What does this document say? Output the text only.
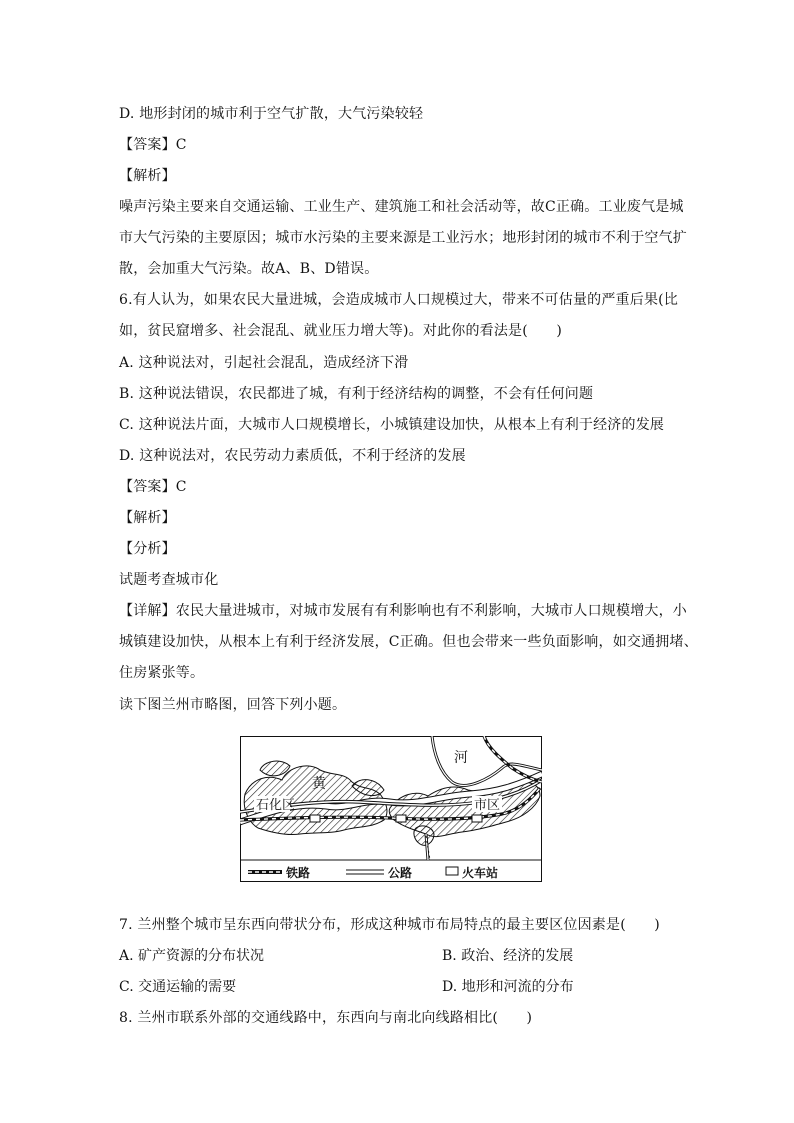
D. 地形封闭的城市利于空气扩散，大气污染较轻
【答案】C
【解析】
噪声污染主要来自交通运输、工业生产、建筑施工和社会活动等，故C正确。工业废气是城
市大气污染的主要原因；城市水污染的主要来源是工业污水；地形封闭的城市不利于空气扩
散，会加重大气污染。故A、B、D错误。
6.有人认为，如果农民大量进城，会造成城市人口规模过大，带来不可估量的严重后果(比
如，贫民窟增多、社会混乱、就业压力增大等)。对此你的看法是(　　)
A. 这种说法对，引起社会混乱，造成经济下滑
B. 这种说法错误，农民都进了城，有利于经济结构的调整，不会有任何问题
C. 这种说法片面，大城市人口规模增长，小城镇建设加快，从根本上有利于经济的发展
D. 这种说法对，农民劳动力素质低，不利于经济的发展
【答案】C
【解析】
【分析】
试题考查城市化
【详解】农民大量进城市，对城市发展有有利影响也有不利影响，大城市人口规模增大，小
城镇建设加快，从根本上有利于经济发展，C正确。但也会带来一些负面影响，如交通拥堵、
住房紧张等。
读下图兰州市略图，回答下列小题。
石化区	市区
黄
河
铁路	公路	火车站
7. 兰州整个城市呈东西向带状分布，形成这种城市布局特点的最主要区位因素是(　　)
A. 矿产资源的分布状况	B. 政治、经济的发展
C. 交通运输的需要	D. 地形和河流的分布
8. 兰州市联系外部的交通线路中，东西向与南北向线路相比(　　)
